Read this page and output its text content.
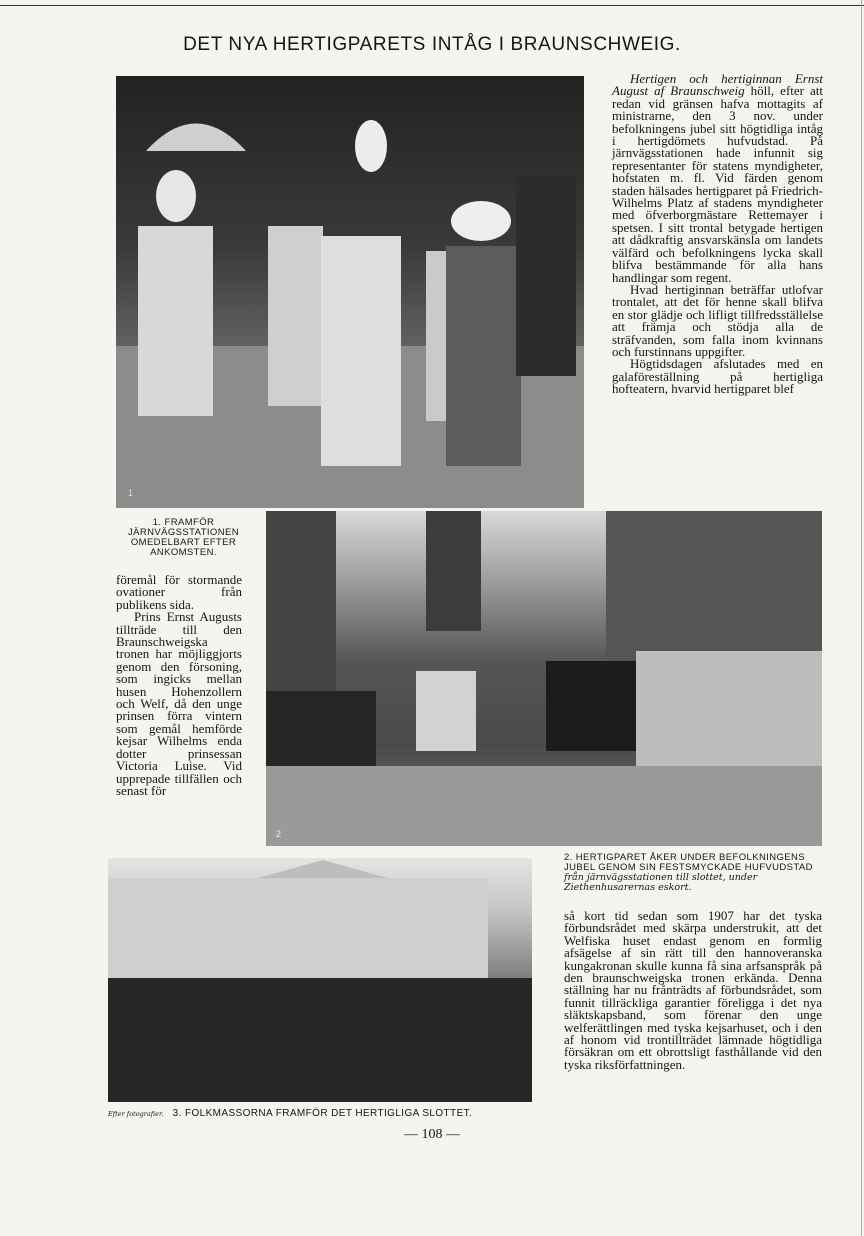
DET NYA HERTIGPARETS INTÅG I BRAUNSCHWEIG.
1
1. FRAMFÖR JÄRNVÄGSSTATIONEN OMEDELBART EFTER ANKOMSTEN.

föremål för stormande ovationer från publikens sida.

Prins Ernst Augusts tillträde till den Braunschweigska tronen har möjliggjorts genom den försoning, som ingicks mellan husen Hohenzollern och Welf, då den unge prinsen förra vintern som gemål hemförde kejsar Wilhelms enda dotter prinsessan Victoria Luise. Vid upprepade tillfällen och senast för

2
Efter fotografier. 3. FOLKMASSORNA FRAMFÖR DET HERTIGLIGA SLOTTET.
2. HERTIGPARET ÅKER UNDER BEFOLKNINGENS JUBEL GENOM SIN FESTSMYCKADE HUFVUDSTAD från järnvägsstationen till slottet, under Ziethenhusarernas eskort.

Hertigen och hertiginnan Ernst August af Braunschweig höll, efter att redan vid gränsen hafva mottagits af ministrarne, den 3 nov. under befolkningens jubel sitt högtidliga intåg i hertigdömets hufvudstad. På järnvägsstationen hade infunnit sig representanter för statens myndigheter, hofstaten m. fl. Vid färden genom staden hälsades hertigparet på Friedrich-Wilhelms Platz af stadens myndigheter med öfverborgmästare Rettemayer i spetsen. I sitt trontal betygade hertigen att dådkraftig ansvarskänsla om landets välfärd och befolkningens lycka skall blifva bestämmande för alla hans handlingar som regent.

Hvad hertiginnan beträffar utlofvar trontalet, att det för henne skall blifva en stor glädje och lifligt tillfredsställelse att främja och stödja alla de sträfvanden, som falla inom kvinnans och furstinnans uppgifter.

Högtidsdagen afslutades med en galaföreställning på hertigliga hofteatern, hvarvid hertigparet blef

så kort tid sedan som 1907 har det tyska förbundsrådet med skärpa understrukit, att det Welfiska huset endast genom en formlig afsägelse af sin rätt till den hannoveranska kungakronan skulle kunna få sina arfsanspråk på den braunschweigska tronen erkända. Denna ställning har nu frånträdts af förbundsrådet, som funnit tillräckliga garantier föreligga i det nya släktskapsband, som förenar den unge welferättlingen med tyska kejsarhuset, och i den af honom vid trontillträdet lämnade högtidliga försäkran om ett obrottsligt fasthållande vid den tyska riksförfattningen.

— 108 —
